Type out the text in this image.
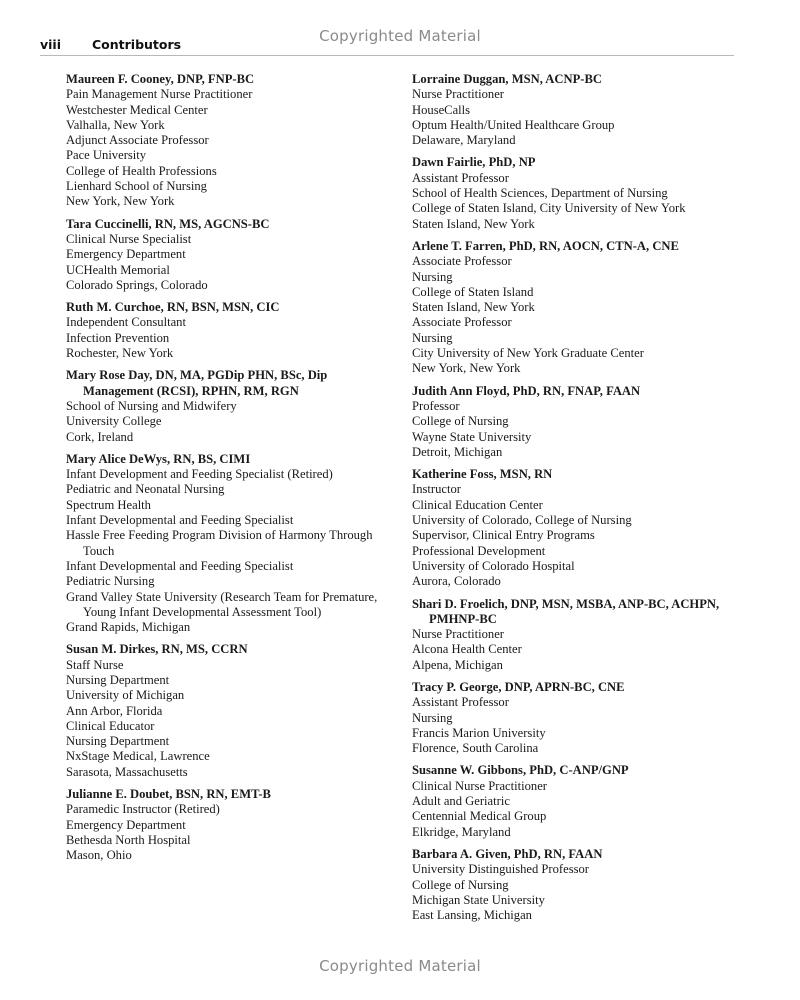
Copyrighted Material
viii Contributors
Maureen F. Cooney, DNP, FNP-BC
Pain Management Nurse Practitioner
Westchester Medical Center
Valhalla, New York
Adjunct Associate Professor
Pace University
College of Health Professions
Lienhard School of Nursing
New York, New York
Tara Cuccinelli, RN, MS, AGCNS-BC
Clinical Nurse Specialist
Emergency Department
UCHealth Memorial
Colorado Springs, Colorado
Ruth M. Curchoe, RN, BSN, MSN, CIC
Independent Consultant
Infection Prevention
Rochester, New York
Mary Rose Day, DN, MA, PGDip PHN, BSc, Dip Management (RCSI), RPHN, RM, RGN
School of Nursing and Midwifery
University College
Cork, Ireland
Mary Alice DeWys, RN, BS, CIMI
Infant Development and Feeding Specialist (Retired)
Pediatric and Neonatal Nursing
Spectrum Health
Infant Developmental and Feeding Specialist
Hassle Free Feeding Program Division of Harmony Through Touch
Infant Developmental and Feeding Specialist
Pediatric Nursing
Grand Valley State University (Research Team for Premature, Young Infant Developmental Assessment Tool)
Grand Rapids, Michigan
Susan M. Dirkes, RN, MS, CCRN
Staff Nurse
Nursing Department
University of Michigan
Ann Arbor, Florida
Clinical Educator
Nursing Department
NxStage Medical, Lawrence
Sarasota, Massachusetts
Julianne E. Doubet, BSN, RN, EMT-B
Paramedic Instructor (Retired)
Emergency Department
Bethesda North Hospital
Mason, Ohio
Lorraine Duggan, MSN, ACNP-BC
Nurse Practitioner
HouseCalls
Optum Health/United Healthcare Group
Delaware, Maryland
Dawn Fairlie, PhD, NP
Assistant Professor
School of Health Sciences, Department of Nursing
College of Staten Island, City University of New York
Staten Island, New York
Arlene T. Farren, PhD, RN, AOCN, CTN-A, CNE
Associate Professor
Nursing
College of Staten Island
Staten Island, New York
Associate Professor
Nursing
City University of New York Graduate Center
New York, New York
Judith Ann Floyd, PhD, RN, FNAP, FAAN
Professor
College of Nursing
Wayne State University
Detroit, Michigan
Katherine Foss, MSN, RN
Instructor
Clinical Education Center
University of Colorado, College of Nursing
Supervisor, Clinical Entry Programs
Professional Development
University of Colorado Hospital
Aurora, Colorado
Shari D. Froelich, DNP, MSN, MSBA, ANP-BC, ACHPN, PMHNP-BC
Nurse Practitioner
Alcona Health Center
Alpena, Michigan
Tracy P. George, DNP, APRN-BC, CNE
Assistant Professor
Nursing
Francis Marion University
Florence, South Carolina
Susanne W. Gibbons, PhD, C-ANP/GNP
Clinical Nurse Practitioner
Adult and Geriatric
Centennial Medical Group
Elkridge, Maryland
Barbara A. Given, PhD, RN, FAAN
University Distinguished Professor
College of Nursing
Michigan State University
East Lansing, Michigan
Copyrighted Material
